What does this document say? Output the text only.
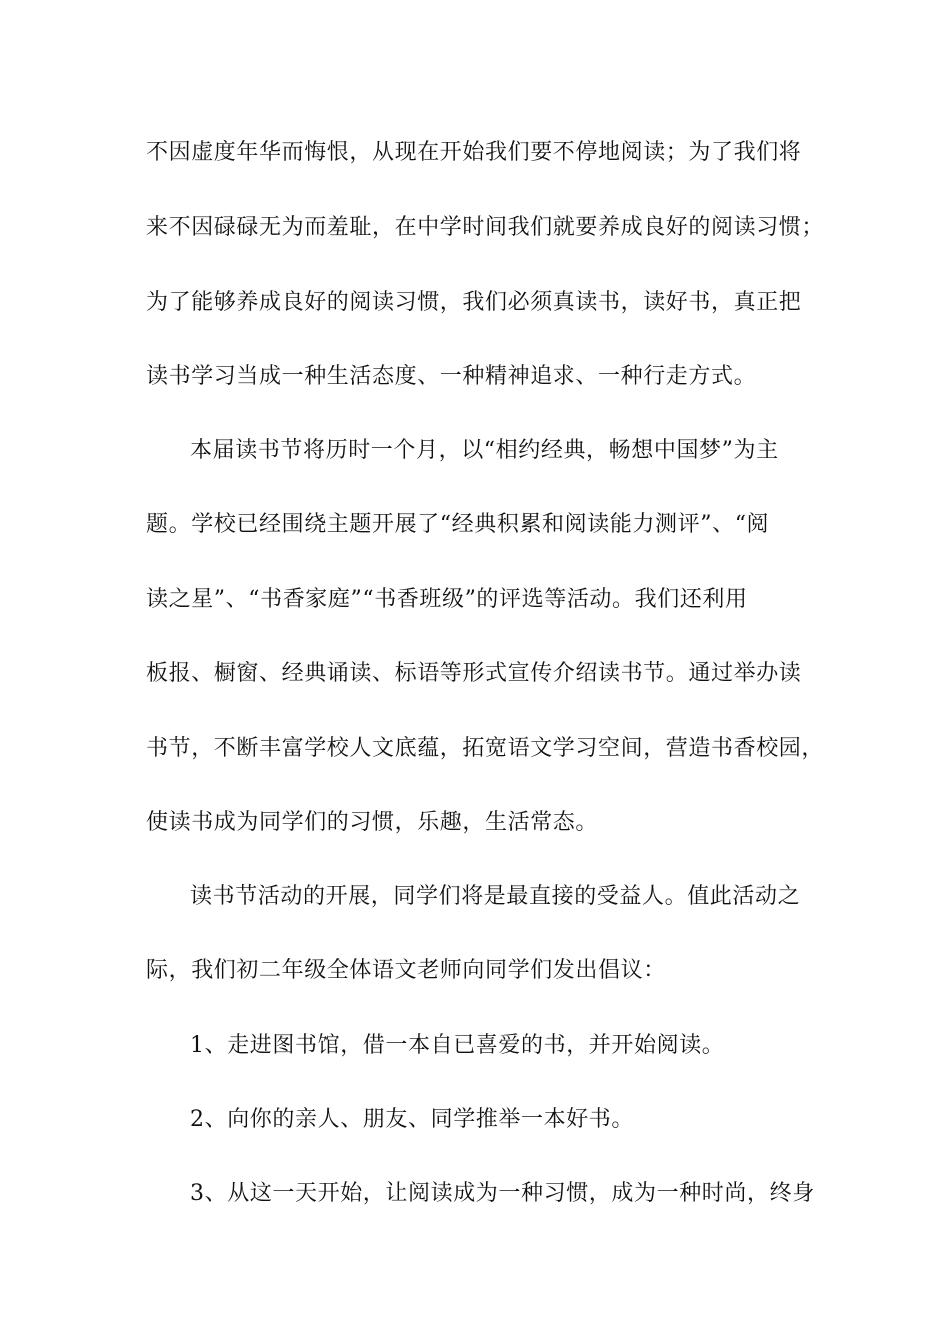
不因虚度年华而悔恨，从现在开始我们要不停地阅读；为了我们将
来不因碌碌无为而羞耻，在中学时间我们就要养成良好的阅读习惯；
为了能够养成良好的阅读习惯，我们必须真读书，读好书，真正把
读书学习当成一种生活态度、一种精神追求、一种行走方式。
本届读书节将历时一个月，以“相约经典，畅想中国梦”为主
题。学校已经围绕主题开展了“经典积累和阅读能力测评”、“阅
读之星”、“书香家庭”“书香班级”的评选等活动。我们还利用
板报、橱窗、经典诵读、标语等形式宣传介绍读书节。通过举办读
书节，不断丰富学校人文底蕴，拓宽语文学习空间，营造书香校园，
使读书成为同学们的习惯，乐趣，生活常态。
读书节活动的开展，同学们将是最直接的受益人。值此活动之
际，我们初二年级全体语文老师向同学们发出倡议：
1、走进图书馆，借一本自已喜爱的书，并开始阅读。
2、向你的亲人、朋友、同学推举一本好书。
3、从这一天开始，让阅读成为一种习惯，成为一种时尚，终身
